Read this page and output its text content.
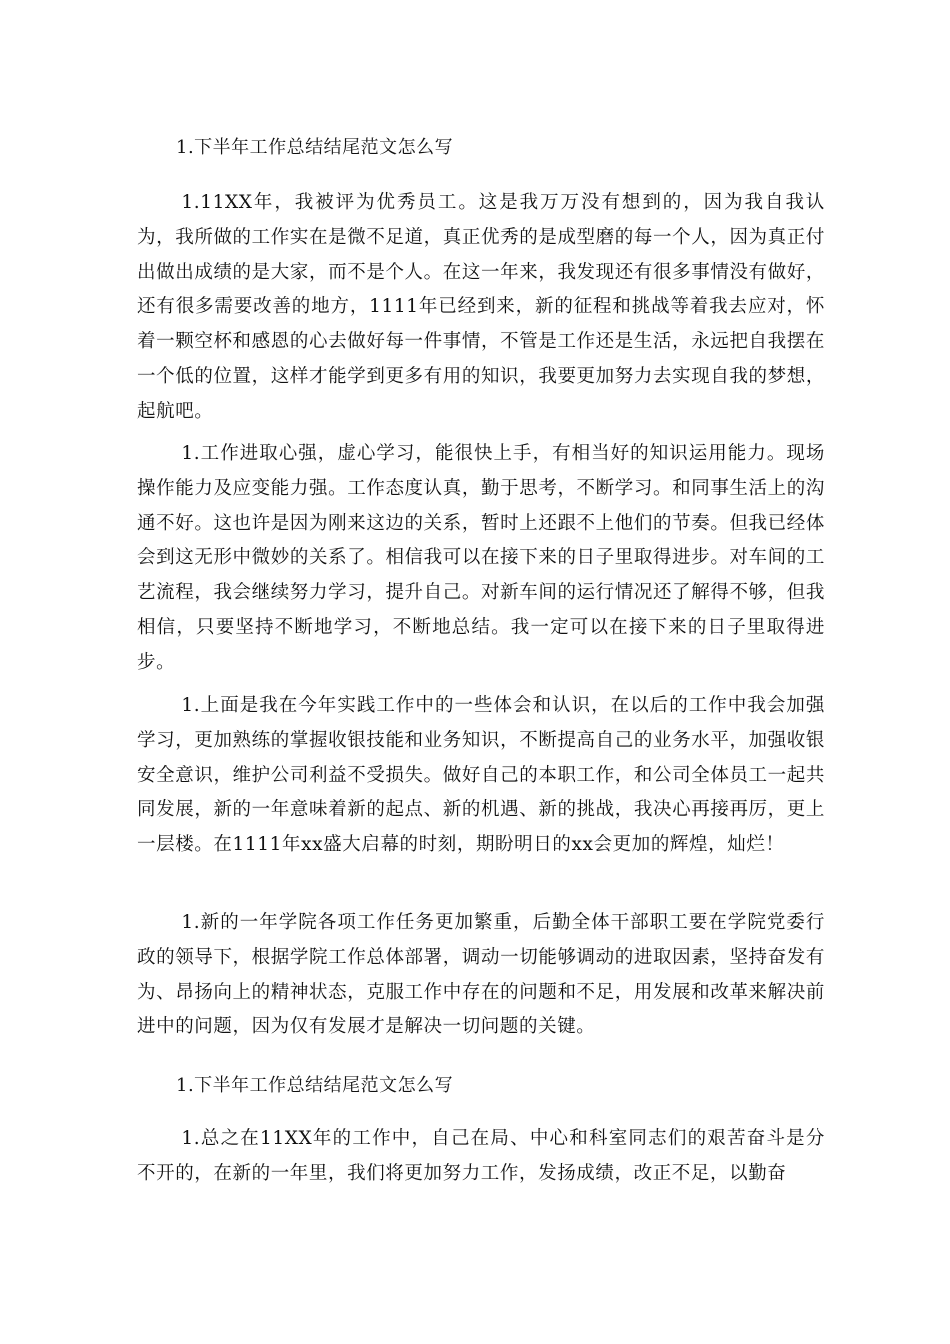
1.下半年工作总结结尾范文怎么写

1.11XX年，我被评为优秀员工。这是我万万没有想到的，因为我自我认为，我所做的工作实在是微不足道，真正优秀的是成型磨的每一个人，因为真正付出做出成绩的是大家，而不是个人。在这一年来，我发现还有很多事情没有做好，还有很多需要改善的地方，1111年已经到来，新的征程和挑战等着我去应对，怀着一颗空杯和感恩的心去做好每一件事情，不管是工作还是生活，永远把自我摆在一个低的位置，这样才能学到更多有用的知识，我要更加努力去实现自我的梦想，起航吧。

1.工作进取心强，虚心学习，能很快上手，有相当好的知识运用能力。现场操作能力及应变能力强。工作态度认真，勤于思考，不断学习。和同事生活上的沟通不好。这也许是因为刚来这边的关系，暂时上还跟不上他们的节奏。但我已经体会到这无形中微妙的关系了。相信我可以在接下来的日子里取得进步。对车间的工艺流程，我会继续努力学习，提升自己。对新车间的运行情况还了解得不够，但我相信，只要坚持不断地学习，不断地总结。我一定可以在接下来的日子里取得进步。

1.上面是我在今年实践工作中的一些体会和认识，在以后的工作中我会加强学习，更加熟练的掌握收银技能和业务知识，不断提高自己的业务水平，加强收银安全意识，维护公司利益不受损失。做好自己的本职工作，和公司全体员工一起共同发展，新的一年意味着新的起点、新的机遇、新的挑战，我决心再接再厉，更上一层楼。在1111年xx盛大启幕的时刻，期盼明日的xx会更加的辉煌，灿烂！

1.新的一年学院各项工作任务更加繁重，后勤全体干部职工要在学院党委行政的领导下，根据学院工作总体部署，调动一切能够调动的进取因素，坚持奋发有为、昂扬向上的精神状态，克服工作中存在的问题和不足，用发展和改革来解决前进中的问题，因为仅有发展才是解决一切问题的关键。

1.下半年工作总结结尾范文怎么写

1.总之在11XX年的工作中，自己在局、中心和科室同志们的艰苦奋斗是分不开的，在新的一年里，我们将更加努力工作，发扬成绩，改正不足，以勤奋
